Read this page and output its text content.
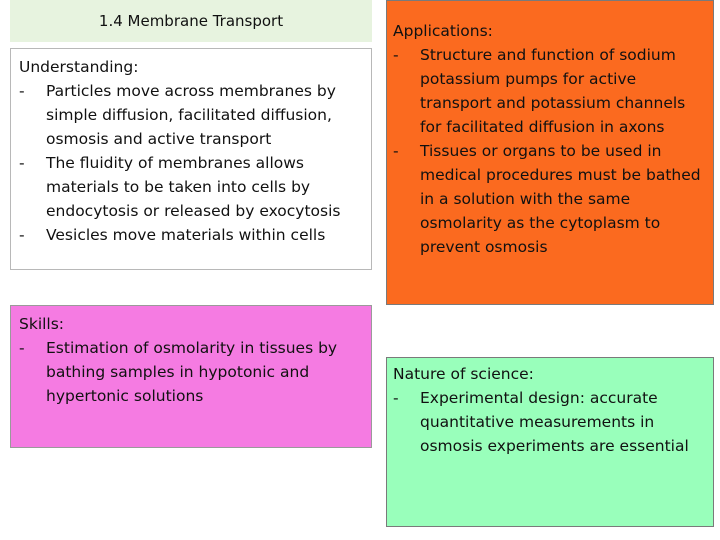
1.4 Membrane Transport
Understanding:
- Particles move across membranes by simple diffusion, facilitated diffusion, osmosis and active transport
- The fluidity of membranes allows materials to be taken into cells by endocytosis or released by exocytosis
- Vesicles move materials within cells
Skills:
- Estimation of osmolarity in tissues by bathing samples in hypotonic and hypertonic solutions
Applications:
- Structure and function of sodium potassium pumps for active transport and potassium channels for facilitated diffusion in axons
- Tissues or organs to be used in medical procedures must be bathed in a solution with the same osmolarity as the cytoplasm to prevent osmosis
Nature of science:
- Experimental design: accurate quantitative measurements in osmosis experiments are essential
